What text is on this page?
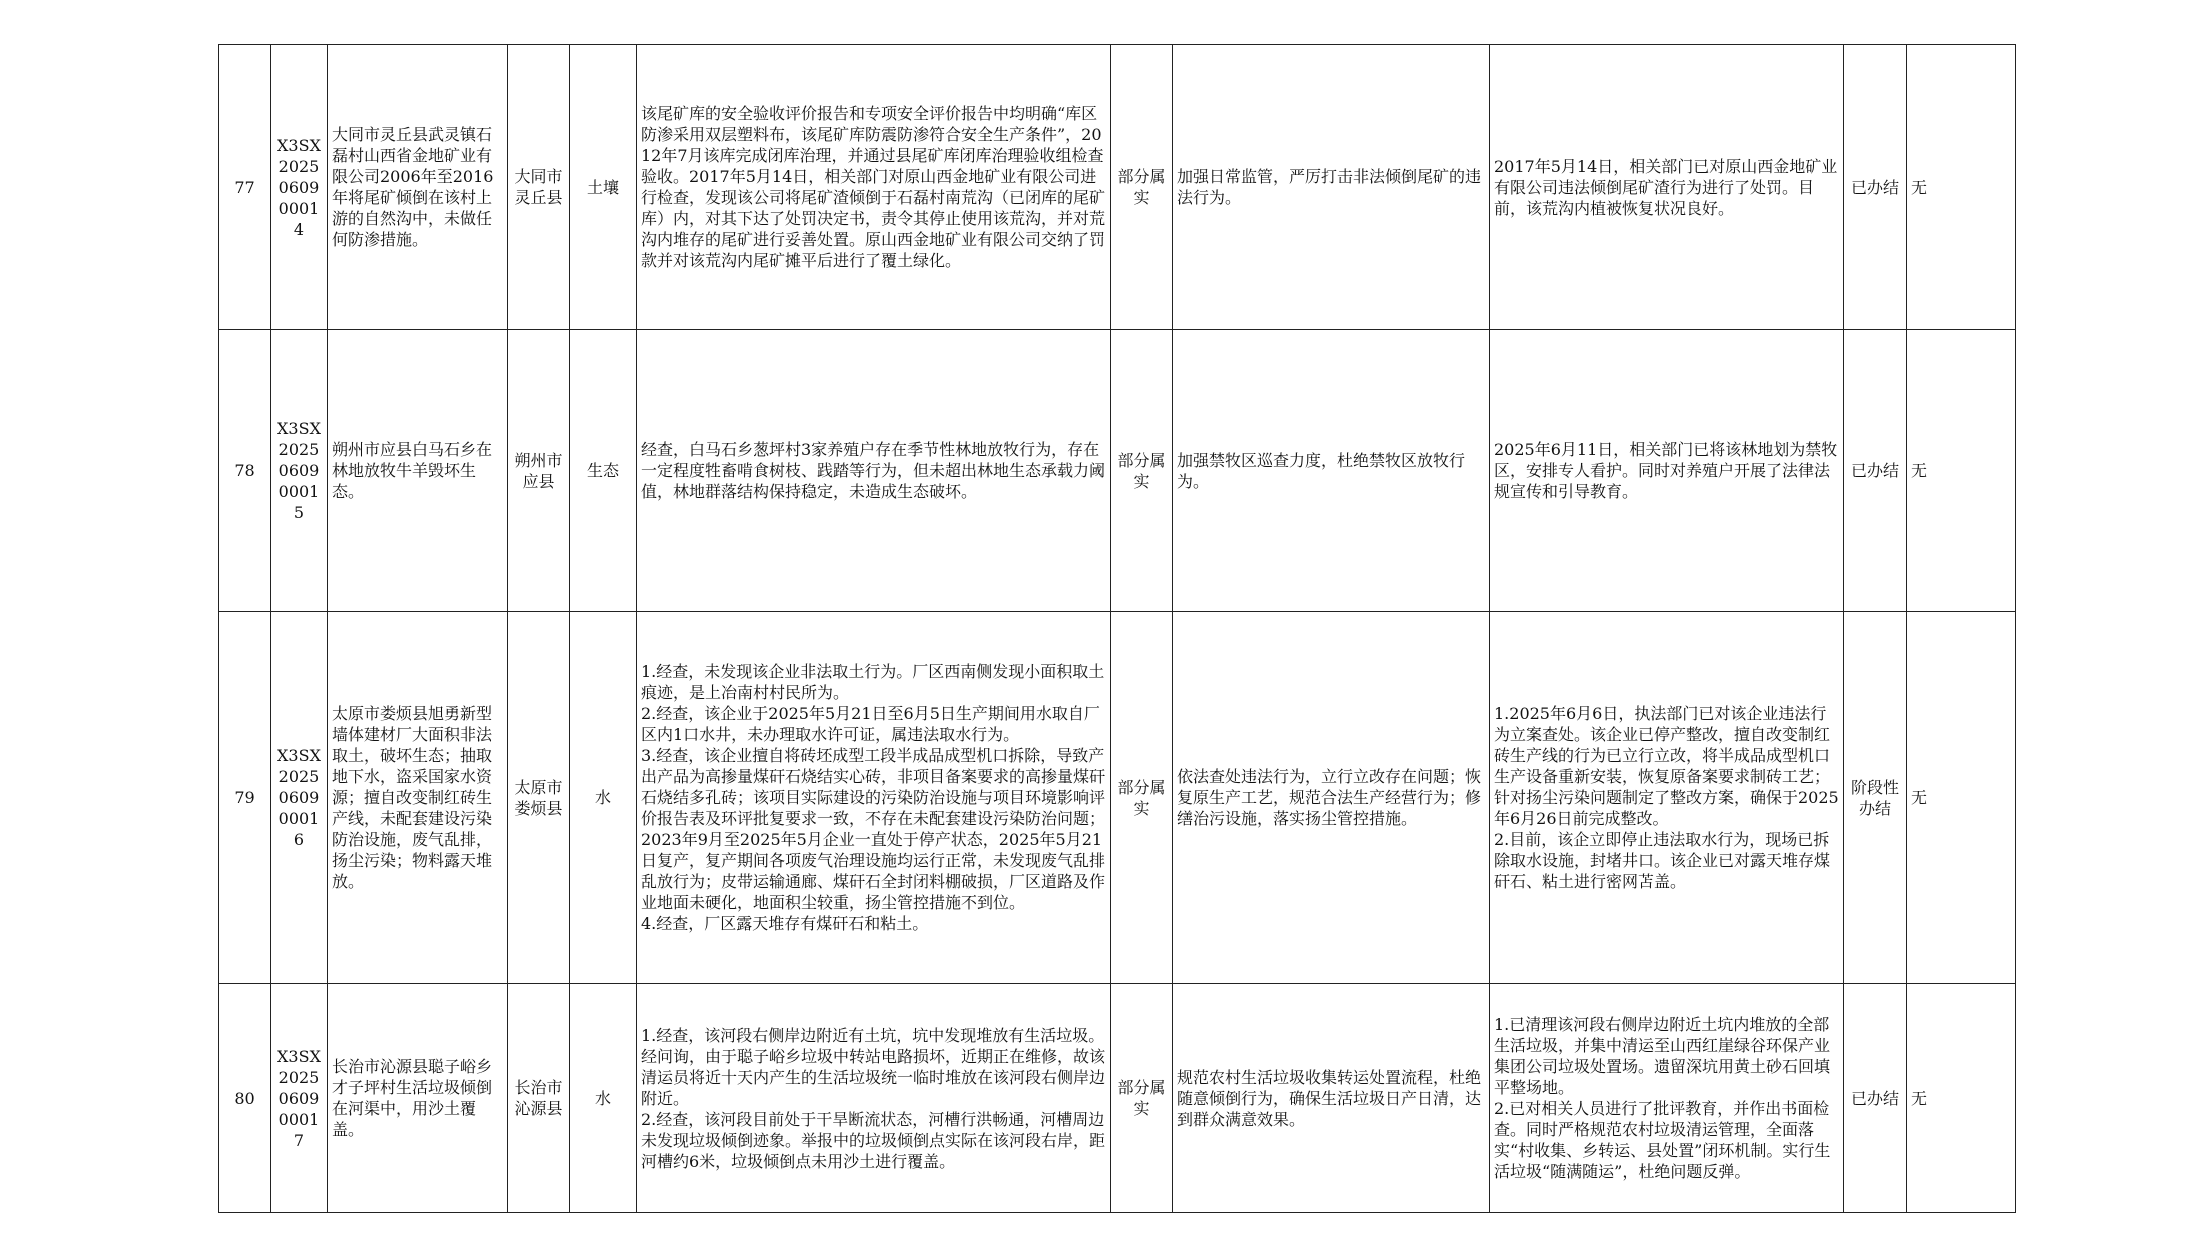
77	X3SX2025060900014	大同市灵丘县武灵镇石磊村山西省金地矿业有限公司2006年至2016年将尾矿倾倒在该村上游的自然沟中，未做任何防渗措施。	大同市灵丘县	土壤	该尾矿库的安全验收评价报告和专项安全评价报告中均明确“库区防渗采用双层塑料布，该尾矿库防震防渗符合安全生产条件”，2012年7月该库完成闭库治理，并通过县尾矿库闭库治理验收组检查验收。2017年5月14日，相关部门对原山西金地矿业有限公司进行检查，发现该公司将尾矿渣倾倒于石磊村南荒沟（已闭库的尾矿库）内，对其下达了处罚决定书，责令其停止使用该荒沟，并对荒沟内堆存的尾矿进行妥善处置。原山西金地矿业有限公司交纳了罚款并对该荒沟内尾矿摊平后进行了覆土绿化。	部分属实	加强日常监管，严厉打击非法倾倒尾矿的违法行为。	2017年5月14日，相关部门已对原山西金地矿业有限公司违法倾倒尾矿渣行为进行了处罚。目前，该荒沟内植被恢复状况良好。	已办结	无
78	X3SX2025060900015	朔州市应县白马石乡在林地放牧牛羊毁坏生态。	朔州市应县	生态	经查，白马石乡葱坪村3家养殖户存在季节性林地放牧行为，存在一定程度牲畜啃食树枝、践踏等行为，但未超出林地生态承载力阈值，林地群落结构保持稳定，未造成生态破坏。	部分属实	加强禁牧区巡查力度，杜绝禁牧区放牧行为。	2025年6月11日，相关部门已将该林地划为禁牧区，安排专人看护。同时对养殖户开展了法律法规宣传和引导教育。	已办结	无
79	X3SX2025060900016	太原市娄烦县旭勇新型墙体建材厂大面积非法取土，破坏生态；抽取地下水，盗采国家水资源；擅自改变制红砖生产线，未配套建设污染防治设施，废气乱排，扬尘污染；物料露天堆放。	太原市娄烦县	水	1.经查，未发现该企业非法取土行为。厂区西南侧发现小面积取土痕迹，是上冶南村村民所为。
2.经查，该企业于2025年5月21日至6月5日生产期间用水取自厂区内1口水井，未办理取水许可证，属违法取水行为。
3.经查，该企业擅自将砖坯成型工段半成品成型机口拆除，导致产出产品为高掺量煤矸石烧结实心砖，非项目备案要求的高掺量煤矸石烧结多孔砖；该项目实际建设的污染防治设施与项目环境影响评价报告表及环评批复要求一致，不存在未配套建设污染防治问题；2023年9月至2025年5月企业一直处于停产状态，2025年5月21日复产，复产期间各项废气治理设施均运行正常，未发现废气乱排乱放行为；皮带运输通廊、煤矸石全封闭料棚破损，厂区道路及作业地面未硬化，地面积尘较重，扬尘管控措施不到位。
4.经查，厂区露天堆存有煤矸石和粘土。	部分属实	依法查处违法行为，立行立改存在问题；恢复原生产工艺，规范合法生产经营行为；修缮治污设施，落实扬尘管控措施。	1.2025年6月6日，执法部门已对该企业违法行为立案查处。该企业已停产整改，擅自改变制红砖生产线的行为已立行立改，将半成品成型机口生产设备重新安装，恢复原备案要求制砖工艺；针对扬尘污染问题制定了整改方案，确保于2025年6月26日前完成整改。
2.目前，该企立即停止违法取水行为，现场已拆除取水设施，封堵井口。该企业已对露天堆存煤矸石、粘土进行密网苫盖。	阶段性办结	无
80	X3SX2025060900017	长治市沁源县聪子峪乡才子坪村生活垃圾倾倒在河渠中，用沙土覆盖。	长治市沁源县	水	1.经查，该河段右侧岸边附近有土坑，坑中发现堆放有生活垃圾。经问询，由于聪子峪乡垃圾中转站电路损坏，近期正在维修，故该清运员将近十天内产生的生活垃圾统一临时堆放在该河段右侧岸边附近。
2.经查，该河段目前处于干旱断流状态，河槽行洪畅通，河槽周边未发现垃圾倾倒迹象。举报中的垃圾倾倒点实际在该河段右岸，距河槽约6米，垃圾倾倒点未用沙土进行覆盖。	部分属实	规范农村生活垃圾收集转运处置流程，杜绝随意倾倒行为，确保生活垃圾日产日清，达到群众满意效果。	1.已清理该河段右侧岸边附近土坑内堆放的全部生活垃圾，并集中清运至山西红崖绿谷环保产业集团公司垃圾处置场。遗留深坑用黄土砂石回填平整场地。
2.已对相关人员进行了批评教育，并作出书面检查。同时严格规范农村垃圾清运管理，全面落实“村收集、乡转运、县处置”闭环机制。实行生活垃圾“随满随运”，杜绝问题反弹。	已办结	无
